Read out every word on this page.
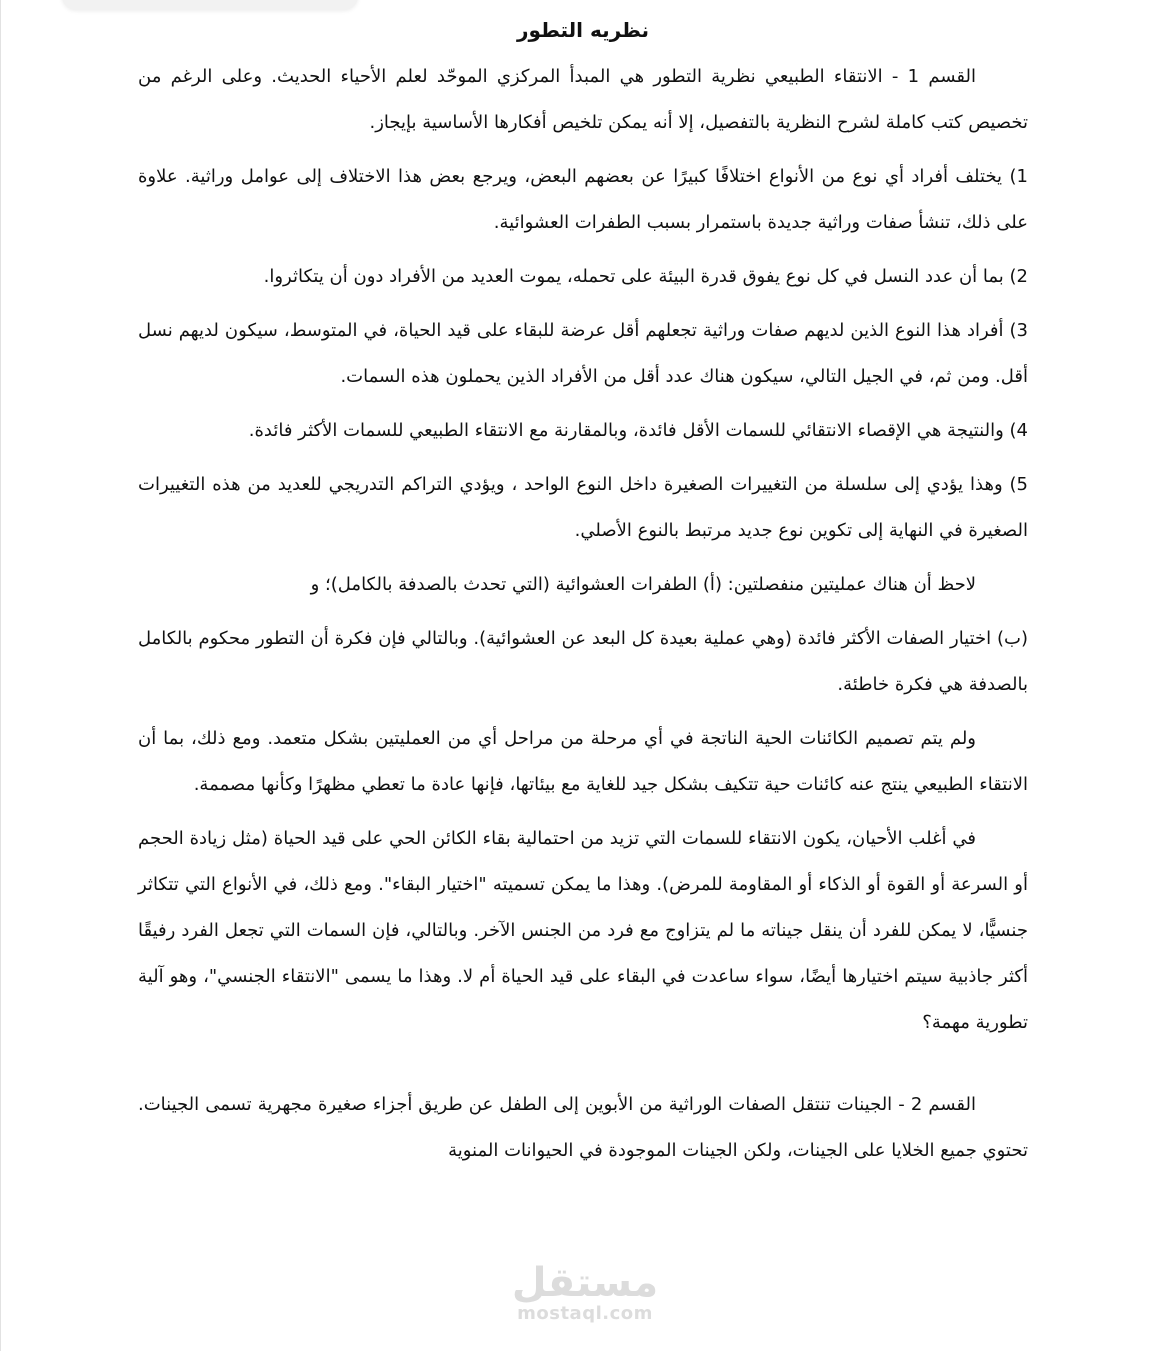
نظريه التطور

القسم 1 - الانتقاء الطبيعي نظرية التطور هي المبدأ المركزي الموحّد لعلم الأحياء الحديث. وعلى الرغم من تخصيص كتب كاملة لشرح النظرية بالتفصيل، إلا أنه يمكن تلخيص أفكارها الأساسية بإيجاز.

1) يختلف أفراد أي نوع من الأنواع اختلافًا كبيرًا عن بعضهم البعض، ويرجع بعض هذا الاختلاف إلى عوامل وراثية. علاوة على ذلك، تنشأ صفات وراثية جديدة باستمرار بسبب الطفرات العشوائية.

2) بما أن عدد النسل في كل نوع يفوق قدرة البيئة على تحمله، يموت العديد من الأفراد دون أن يتكاثروا.

3) أفراد هذا النوع الذين لديهم صفات وراثية تجعلهم أقل عرضة للبقاء على قيد الحياة، في المتوسط، سيكون لديهم نسل أقل. ومن ثم، في الجيل التالي، سيكون هناك عدد أقل من الأفراد الذين يحملون هذه السمات.

4) والنتيجة هي الإقصاء الانتقائي للسمات الأقل فائدة، وبالمقارنة مع الانتقاء الطبيعي للسمات الأكثر فائدة.

5) وهذا يؤدي إلى سلسلة من التغييرات الصغيرة داخل النوع الواحد ، ويؤدي التراكم التدريجي للعديد من هذه التغييرات الصغيرة في النهاية إلى تكوين نوع جديد مرتبط بالنوع الأصلي.

لاحظ أن هناك عمليتين منفصلتين: (أ) الطفرات العشوائية (التي تحدث بالصدفة بالكامل)؛ و

(ب) اختيار الصفات الأكثر فائدة (وهي عملية بعيدة كل البعد عن العشوائية). وبالتالي فإن فكرة أن التطور محكوم بالكامل بالصدفة هي فكرة خاطئة.

ولم يتم تصميم الكائنات الحية الناتجة في أي مرحلة من مراحل أي من العمليتين بشكل متعمد. ومع ذلك، بما أن الانتقاء الطبيعي ينتج عنه كائنات حية تتكيف بشكل جيد للغاية مع بيئاتها، فإنها عادة ما تعطي مظهرًا وكأنها مصممة.

في أغلب الأحيان، يكون الانتقاء للسمات التي تزيد من احتمالية بقاء الكائن الحي على قيد الحياة (مثل زيادة الحجم أو السرعة أو القوة أو الذكاء أو المقاومة للمرض). وهذا ما يمكن تسميته "اختيار البقاء". ومع ذلك، في الأنواع التي تتكاثر جنسيًّا، لا يمكن للفرد أن ينقل جيناته ما لم يتزاوج مع فرد من الجنس الآخر. وبالتالي، فإن السمات التي تجعل الفرد رفيقًا أكثر جاذبية سيتم اختيارها أيضًا، سواء ساعدت في البقاء على قيد الحياة أم لا. وهذا ما يسمى "الانتقاء الجنسي"، وهو آلية تطورية مهمة؟

القسم 2 - الجينات تنتقل الصفات الوراثية من الأبوين إلى الطفل عن طريق أجزاء صغيرة مجهرية تسمى الجينات. تحتوي جميع الخلايا على الجينات، ولكن الجينات الموجودة في الحيوانات المنوية

مستقل
mostaql.com
